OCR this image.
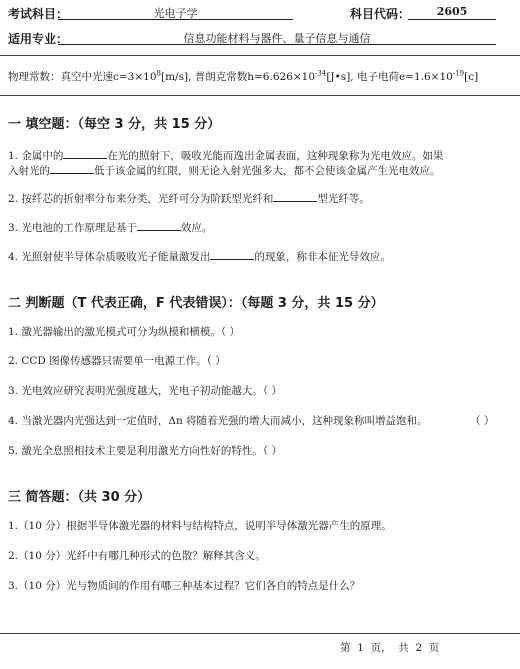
考试科目：	光电子学	科目代码：	2605
适用专业：	信息功能材料与器件、量子信息与通信
物理常数：真空中光速$c=3\times 10^8[m/s]$, 普朗克常数$h=6.626\times 10^{-34}[J•s]$, 电子电荷$e=1.6\times 10^{-19}[c]$
一 填空题：（每空 3 分，共 15 分）
1. 金属中的	在光的照射下，吸收光能而逸出金属表面，这种现象称为光电效应。如果
入射光的	低于该金属的红限，则无论入射光强多大，都不会使该金属产生光电效应。
2. 按纤芯的折射率分布来分类，光纤可分为阶跃型光纤和	型光纤等。
3. 光电池的工作原理是基于	效应。
4. 光照射使半导体杂质吸收光子能量激发出	的现象，称非本征光导效应。
二 判断题（T 代表正确，F 代表错误）：（每题 3 分，共 15 分）
1. 激光器输出的激光模式可分为纵模和横模。（ ）
2. CCD 图像传感器只需要单一电源工作。（ ）
3. 光电效应研究表明光强度越大，光电子初动能越大。（ ）
4. 当激光器内光强达到一定值时，Δn 将随着光强的增大而减小，这种现象称叫增益饱和。	（ ）
5. 激光全息照相技术主要是利用激光方向性好的特性。（ ）
三 简答题：（共 30 分）
1.（10 分）根据半导体激光器的材料与结构特点，说明半导体激光器产生的原理。
2.（10 分）光纤中有哪几种形式的色散？解释其含义。
3.（10 分）光与物质间的作用有哪三种基本过程？它们各自的特点是什么？
第 1 页， 共 2 页
